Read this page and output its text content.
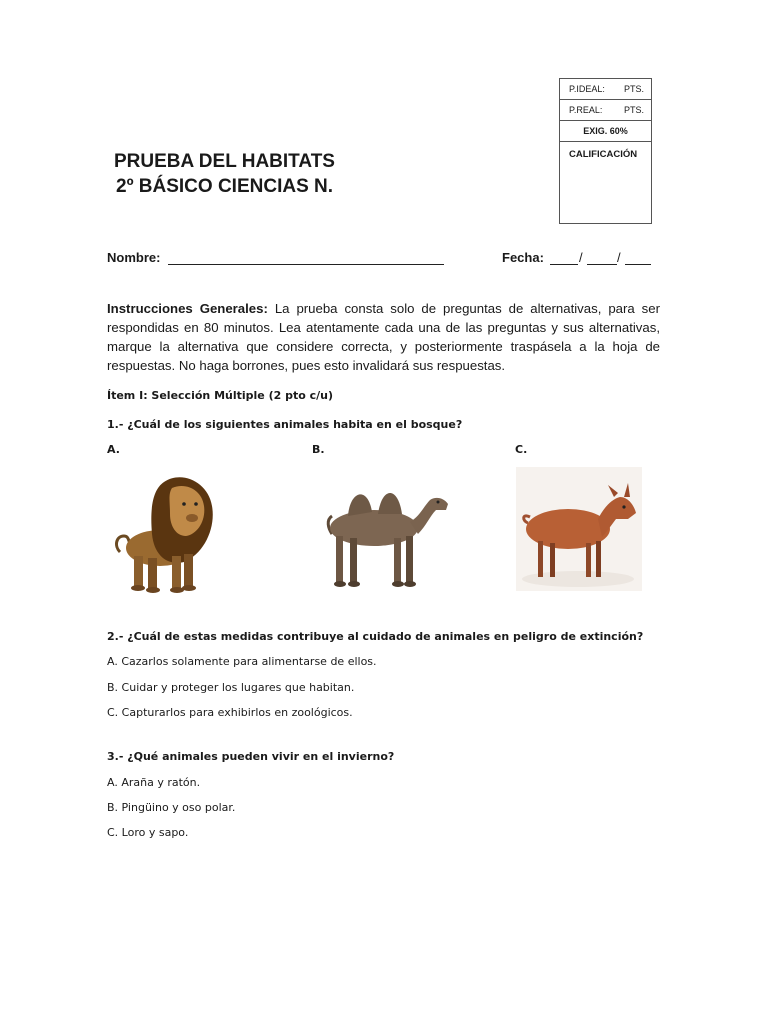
P.IDEAL: PTS.
P.REAL: PTS.
EXIG. 60%
CALIFICACIÓN
PRUEBA DEL HABITATS
2º BÁSICO CIENCIAS N.
Nombre:	Fecha:	/	/
Instrucciones Generales: La prueba consta solo de preguntas de alternativas, para ser respondidas en 80 minutos. Lea atentamente cada una de las preguntas y sus alternativas, marque la alternativa que considere correcta, y posteriormente traspásela a la hoja de respuestas. No haga borrones, pues esto invalidará sus respuestas.
Ítem I: Selección Múltiple (2 pto c/u)
1.- ¿Cuál de los siguientes animales habita en el bosque?
A.	B.	C.
2.- ¿Cuál de estas medidas contribuye al cuidado de animales en peligro de extinción?
A. Cazarlos solamente para alimentarse de ellos.
B. Cuidar y proteger los lugares que habitan.
C. Capturarlos para exhibirlos en zoológicos.
3.- ¿Qué animales pueden vivir en el invierno?
A. Araña y ratón.
B. Pingüino y oso polar.
C. Loro y sapo.
